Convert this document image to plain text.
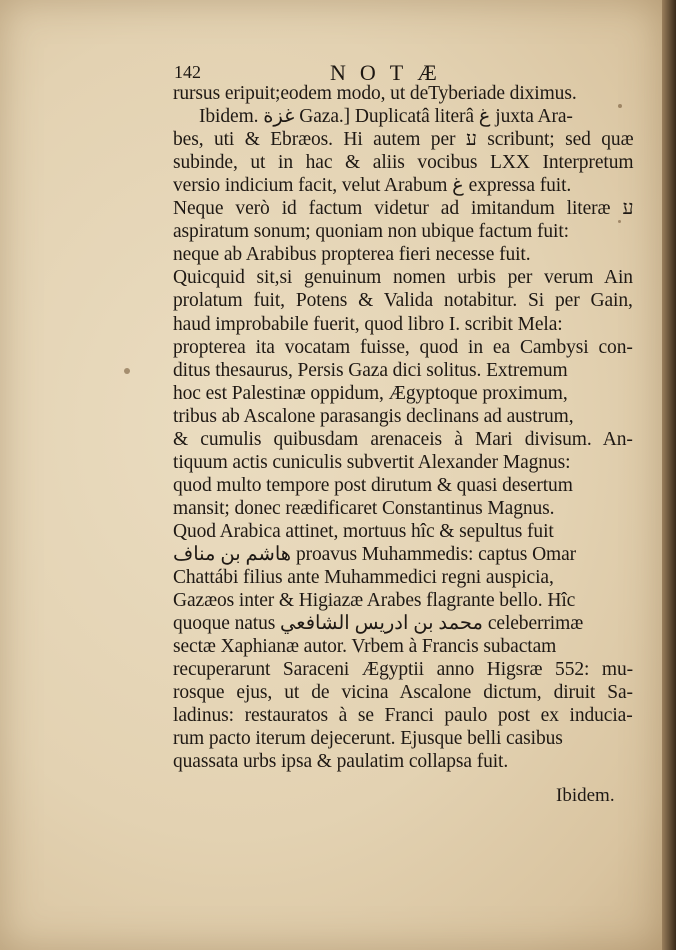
142	NOTÆ
rursus eripuit;eodem modo, ut deTyberiade diximus.
Ibidem. غزة Gaza.] Duplicatâ literâ غ juxta Ara-
bes, uti & Ebræos. Hi autem per ע scribunt; sed quæ
subinde, ut in hac & aliis vocibus LXX Interpretum
versio indicium facit, velut Arabum غ expressa fuit.
Neque verò id factum videtur ad imitandum literæ ע
aspiratum sonum; quoniam non ubique factum fuit:
neque ab Arabibus propterea fieri necesse fuit.
Quicquid sit,si genuinum nomen urbis per verum Ain
prolatum fuit, Potens & Valida notabitur. Si per Gain,
haud improbabile fuerit, quod libro I. scribit Mela:
propterea ita vocatam fuisse, quod in ea Cambysi con-
ditus thesaurus, Persis Gaza dici solitus. Extremum
hoc est Palestinæ oppidum, Ægyptoque proximum,
tribus ab Ascalone parasangis declinans ad austrum,
& cumulis quibusdam arenaceis à Mari divisum. An-
tiquum actis cuniculis subvertit Alexander Magnus:
quod multo tempore post dirutum & quasi desertum
mansit; donec reædificaret Constantinus Magnus.
Quod Arabica attinet, mortuus hîc & sepultus fuit
هاشم بن مناف proavus Muhammedis: captus Omar
Chattábi filius ante Muhammedici regni auspicia,
Gazæos inter & Higiazæ Arabes flagrante bello. Hîc
quoque natus محمد بن ادريس الشافعي celeberrimæ
sectæ Xaphianæ autor. Vrbem à Francis subactam
recuperarunt Saraceni Ægyptii anno Higsræ 552: mu-
rosque ejus, ut de vicina Ascalone dictum, diruit Sa-
ladinus: restauratos à se Franci paulo post ex inducia-
rum pacto iterum dejecerunt. Ejusque belli casibus
quassata urbs ipsa & paulatim collapsa fuit.
Ibidem.
